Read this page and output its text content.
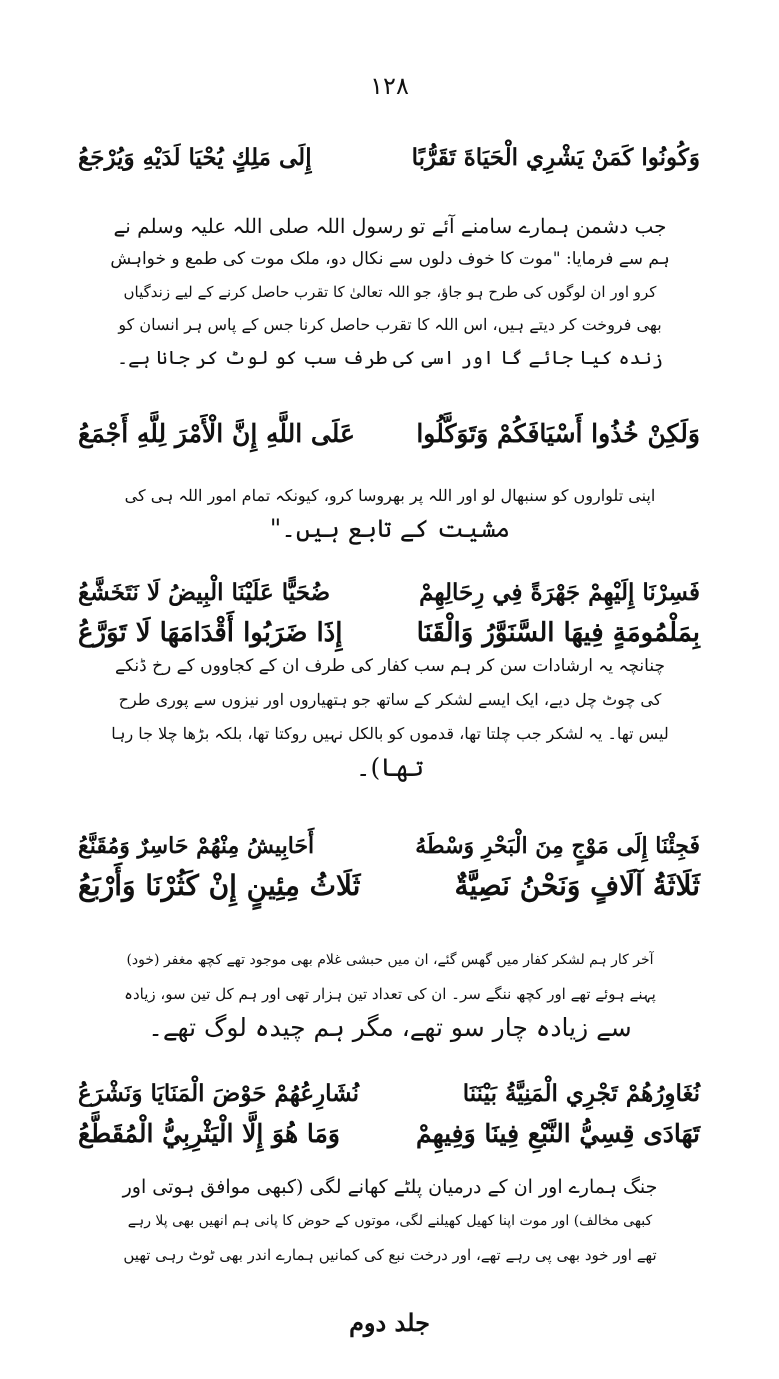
۱۲۸
وَكُونُوا كَمَنْ يَشْرِي الْحَيَاةَ تَقَرُّبًا
إِلَى مَلِكٍ يُحْيَا لَدَيْهِ وَيُرْجَعُ
جب دشمن ہمارے سامنے آئے تو رسول اللہ صلی اللہ علیہ وسلم نے
ہم سے فرمایا: "موت کا خوف دلوں سے نکال دو، ملک موت کی طمع و خواہش
کرو اور ان لوگوں کی طرح ہو جاؤ، جو اللہ تعالیٰ کا تقرب حاصل کرنے کے لیے زندگیاں
بھی فروخت کر دیتے ہیں، اس اللہ کا تقرب حاصل کرنا جس کے پاس ہر انسان کو
زندہ کیا جائے گا اور اسی کی طرف سب کو لوٹ کر جانا ہے۔
وَلَكِنْ خُذُوا أَسْيَافَكُمْ وَتَوَكَّلُوا
عَلَى اللَّهِ إِنَّ الْأَمْرَ لِلَّهِ أَجْمَعُ
اپنی تلواروں کو سنبھال لو اور اللہ پر بھروسا کرو، کیونکہ تمام امور اللہ ہی کی
مشیت کے تابع ہیں۔"
فَسِرْنَا إِلَيْهِمْ جَهْرَةً فِي رِحَالِهِمْ
ضُحَيًّا عَلَيْنَا الْبِيضُ لَا نَتَخَشَّعُ
بِمَلْمُومَةٍ فِيهَا السَّنَوَّرُ وَالْقَنَا
إِذَا ضَرَبُوا أَقْدَامَهَا لَا تَوَرَّعُ
چنانچہ یہ ارشادات سن کر ہم سب کفار کی طرف ان کے کجاووں کے رخ ڈنکے
کی چوٹ چل دیے، ایک ایسے لشکر کے ساتھ جو ہتھیاروں اور نیزوں سے پوری طرح
لیس تھا۔ یہ لشکر جب چلتا تھا، قدموں کو بالکل نہیں روکتا تھا، بلکہ بڑھا چلا جا رہا
تھا)۔
فَجِئْنَا إِلَى مَوْجٍ مِنَ الْبَحْرِ وَسْطَهُ
أَحَابِيشُ مِنْهُمْ حَاسِرٌ وَمُقَنَّعُ
ثَلَاثَةُ آلَافٍ وَنَحْنُ نَصِيَّةٌ
ثَلَاثُ مِئِينٍ إِنْ كَثُرْنَا وَأَرْبَعُ
آخر کار ہم لشکر کفار میں گھس گئے، ان میں حبشی غلام بھی موجود تھے کچھ مغفر (خود)
پہنے ہوئے تھے اور کچھ ننگے سر۔ ان کی تعداد تین ہزار تھی اور ہم کل تین سو، زیادہ
سے زیادہ چار سو تھے، مگر ہم چیدہ لوگ تھے۔
نُغَاوِرُهُمْ تَجْرِي الْمَنِيَّةُ بَيْنَنَا
نُشَارِعُهُمْ حَوْضَ الْمَنَايَا وَنَشْرَعُ
تَهَادَى قِسِيُّ النَّبْعِ فِينَا وَفِيهِمْ
وَمَا هُوَ إِلَّا الْيَثْرِبِيُّ الْمُقَطَّعُ
جنگ ہمارے اور ان کے درمیان پلٹے کھانے لگی (کبھی موافق ہوتی اور
کبھی مخالف) اور موت اپنا کھیل کھیلنے لگی، موتوں کے حوض کا پانی ہم انھیں بھی پلا رہے
تھے اور خود بھی پی رہے تھے، اور درخت نبع کی کمانیں ہمارے اندر بھی ٹوٹ رہی تھیں
جلد دوم
